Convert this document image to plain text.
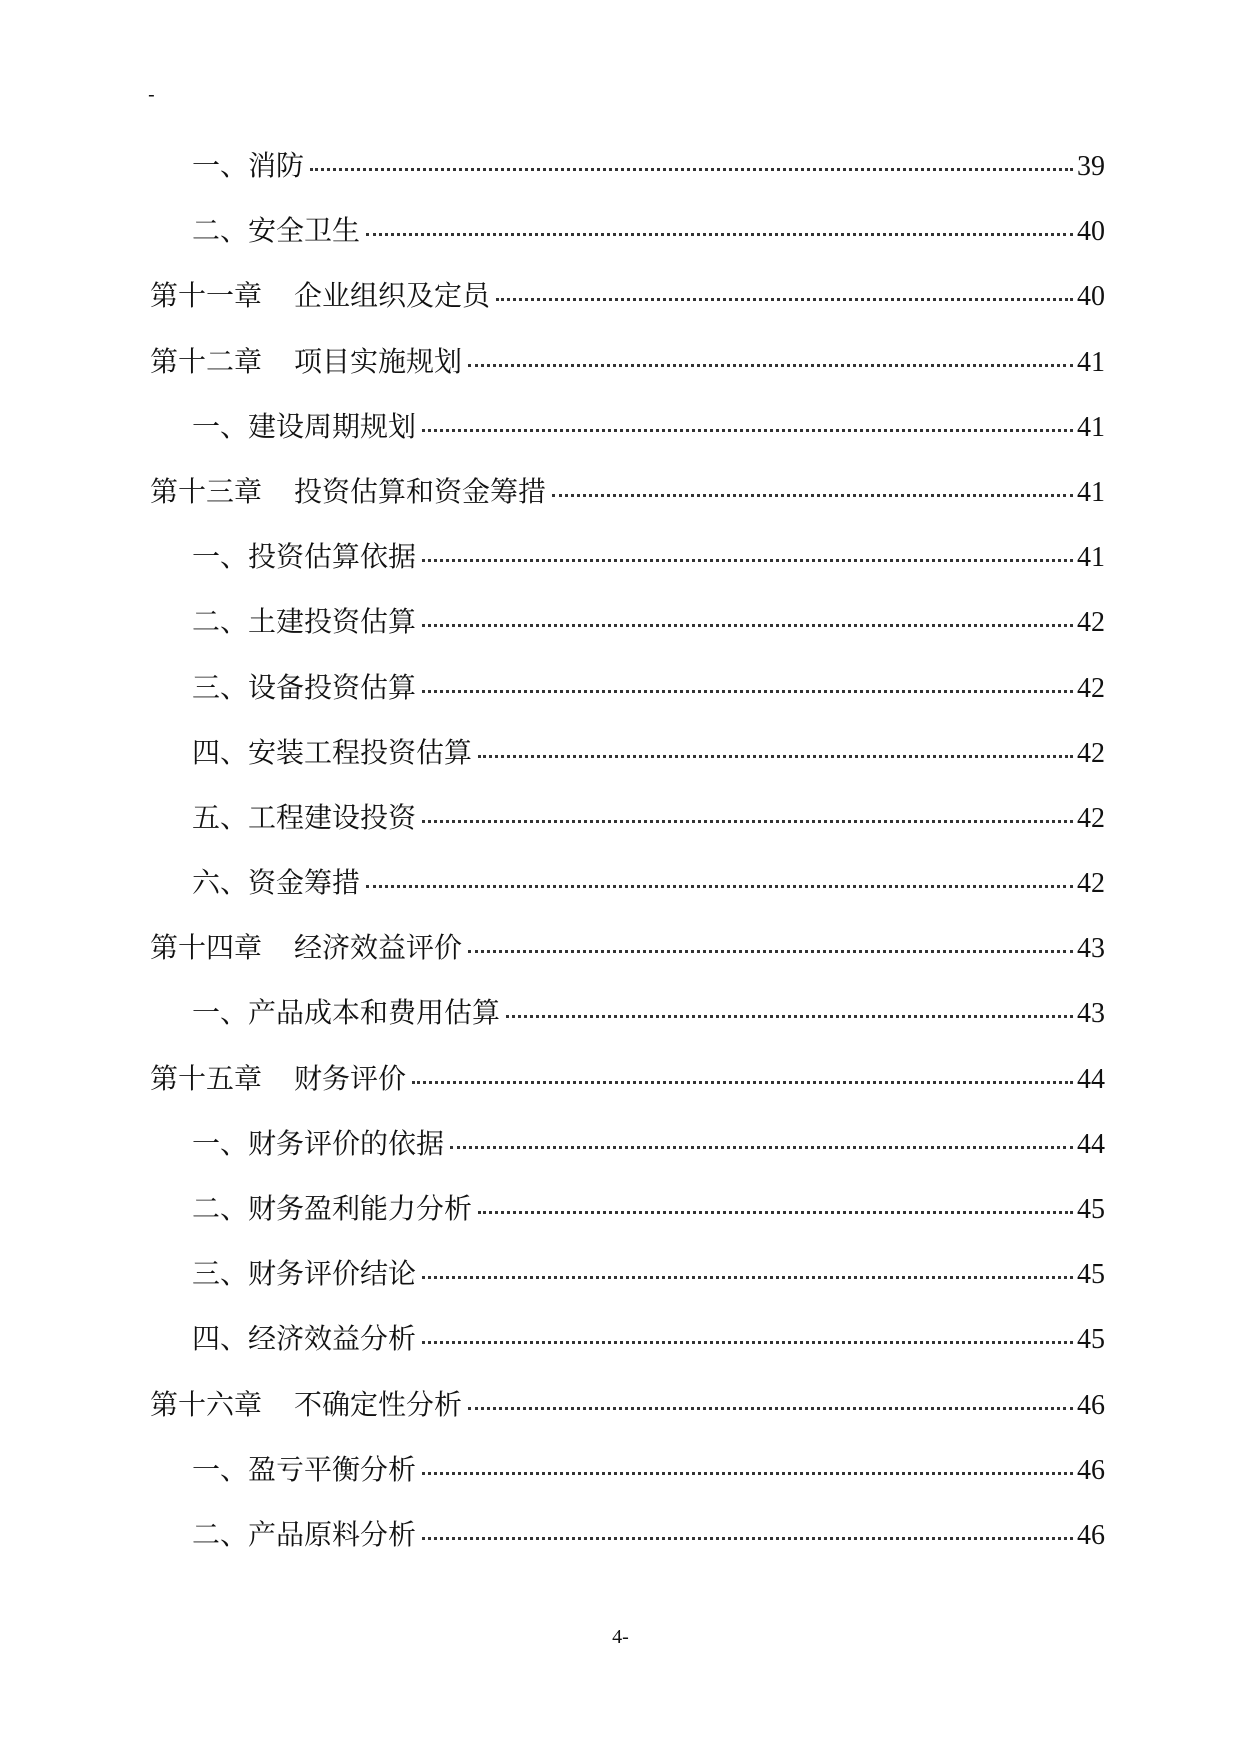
-
一、消防	39
二、安全卫生	40
第十一章	企业组织及定员	40
第十二章	项目实施规划	41
一、建设周期规划	41
第十三章	投资估算和资金筹措	41
一、投资估算依据	41
二、土建投资估算	42
三、设备投资估算	42
四、安装工程投资估算	42
五、工程建设投资	42
六、资金筹措	42
第十四章	经济效益评价	43
一、产品成本和费用估算	43
第十五章	财务评价	44
一、财务评价的依据	44
二、财务盈利能力分析	45
三、财务评价结论	45
四、经济效益分析	45
第十六章	不确定性分析	46
一、盈亏平衡分析	46
二、产品原料分析	46
4-
